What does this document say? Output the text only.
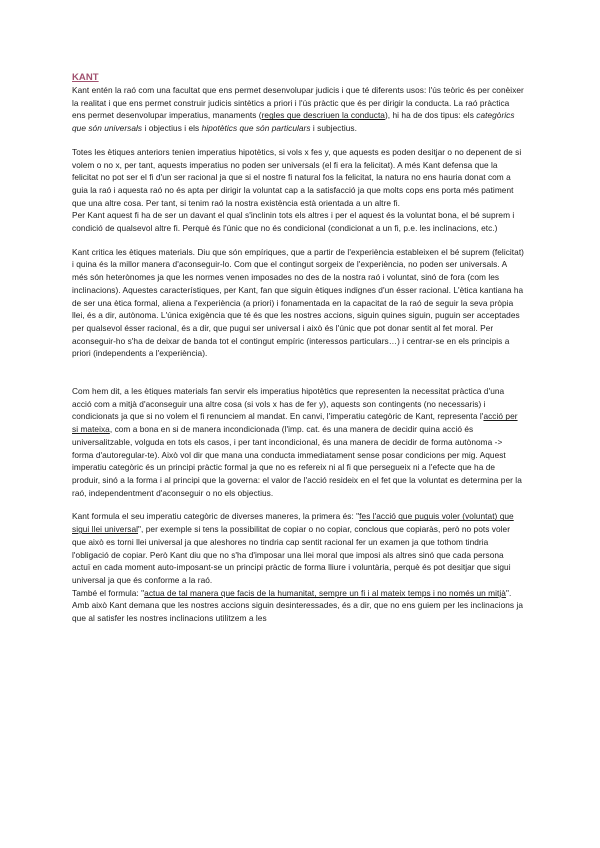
KANT

Kant entén la raó com una facultat que ens permet desenvolupar judicis i que té diferents usos: l'ús teòric és per conèixer la realitat i que ens permet construir judicis sintètics a priori i l'ús pràctic que és per dirigir la conducta. La raó pràctica ens permet desenvolupar imperatius, manaments (regles que descriuen la conducta), hi ha de dos tipus: els categòrics que són universals i objectius i els hipotètics que són particulars i subjectius.

Totes les ètiques anteriors tenien imperatius hipotètics, si vols x fes y, que aquests es poden desitjar o no depenent de si volem o no x, per tant, aquests imperatius no poden ser universals (el fi era la felicitat). A més Kant defensa que la felicitat no pot ser el fi d'un ser racional ja que si el nostre fi natural fos la felicitat, la natura no ens hauria donat com a guia la raó i aquesta raó no és apta per dirigir la voluntat cap a la satisfacció ja que molts cops ens porta més patiment que una altre cosa. Per tant, si tenim raó la nostra existència està orientada a un altre fi.

Per Kant aquest fi ha de ser un davant el qual s'inclinin tots els altres i per el aquest és la voluntat bona, el bé suprem i condició de qualsevol altre fi. Perquè és l'únic que no és condicional (condicionat a un fi, p.e. les inclinacions, etc.)

Kant critica les ètiques materials. Diu que són empíriques, que a partir de l'experiència estableixen el bé suprem (felicitat) i quina és la millor manera d'aconseguir-lo. Com que el contingut sorgeix de l'experiència, no poden ser universals. A més són heterònomes ja que les normes venen imposades no des de la nostra raó i voluntat, sinó de fora (com les inclinacions). Aquestes característiques, per Kant, fan que siguin ètiques indignes d'un ésser racional. L'ètica kantiana ha de ser una ètica formal, aliena a l'experiència (a priori) i fonamentada en la capacitat de la raó de seguir la seva pròpia llei, és a dir, autònoma. L'única exigència que té és que les nostres accions, siguin quines siguin, puguin ser acceptades per qualsevol ésser racional, és a dir, que pugui ser universal i això és l'únic que pot donar sentit al fet moral. Per aconseguir-ho s'ha de deixar de banda tot el contingut empíric (interessos particulars…) i centrar-se en els principis a priori (independents a l'experiència).

Com hem dit, a les ètiques materials fan servir els imperatius hipotètics que representen la necessitat pràctica d'una acció com a mitjà d'aconseguir una altre cosa (si vols x has de fer y), aquests son contingents (no necessaris) i condicionats ja que si no volem el fi renunciem al mandat. En canvi, l'imperatiu categòric de Kant, representa l'acció per si mateixa, com a bona en si de manera incondicionada (l'imp. cat. és una manera de decidir quina acció és universalitzable, volguda en tots els casos, i per tant incondicional, és una manera de decidir de forma autònoma -> forma d'autoregular-te). Això vol dir que mana una conducta immediatament sense posar condicions per mig. Aquest imperatiu categòric és un principi pràctic formal ja que no es refereix ni al fi que persegueix ni a l'efecte que ha de produir, sinó a la forma i al principi que la governa: el valor de l'acció resideix en el fet que la voluntat es determina per la raó, independentment d'aconseguir o no els objectius.

Kant formula el seu imperatiu categòric de diverses maneres, la primera és: "fes l'acció que puguis voler (voluntat) que sigui llei universal", per exemple si tens la possibilitat de copiar o no copiar, conclous que copiaràs, però no pots voler que això es torni llei universal ja que aleshores no tindria cap sentit racional fer un examen ja que tothom tindria l'obligació de copiar. Però Kant diu que no s'ha d'imposar una llei moral que imposi als altres sinó que cada persona actuï en cada moment auto-imposant-se un principi pràctic de forma lliure i voluntària, perquè és pot desitjar que sigui universal ja que és conforme a la raó.

També el formula: "actua de tal manera que facis de la humanitat, sempre un fi i al mateix temps i no només un mitjà". Amb això Kant demana que les nostres accions siguin desinteressades, és a dir, que no ens guiem per les inclinacions ja que al satisfer les nostres inclinacions utilitzem a les
